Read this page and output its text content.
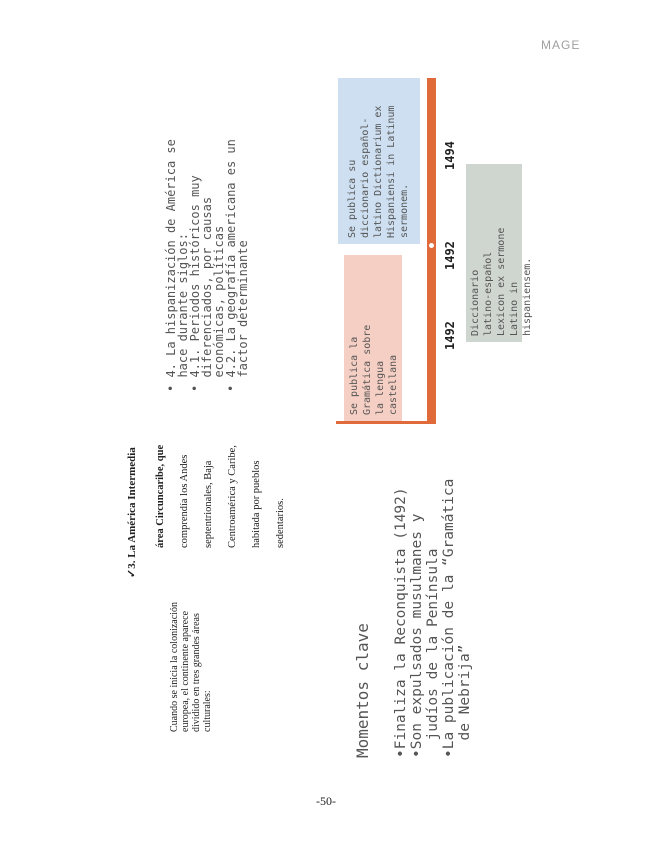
MAGE
-50-
Cuando se inicia la colonización europea, el continente aparece dividido en tres grandes áreas culturales:
✓3. La América Intermedia	área Circuncaribe, que	comprendía los Andes	septentrionales, Baja	Centroamérica y Caribe,	habitada por pueblos	sedentarios.
Momentos clave •Finaliza la Reconquista (1492) •Son expulsados musulmanes y judíos de la Península •La publicación de la “Gramática de Nebrija”
• 4. La hispanización de América se
hace durante siglos:
• 4.1. Periodos históricos muy
diferenciados, por causas
económicas, políticas
• 4.2. La geografía americana es un
factor determinante
Se publica la
Gramática sobre
la lengua
castellana
Diccionario
latino-español
Lexicon ex sermone
Latino in
hispaniensem.
Se publica su
diccionario español-
latino Dictionarium ex
Hispaniensi in Latinum
sermonem.
1492
1492
1494
